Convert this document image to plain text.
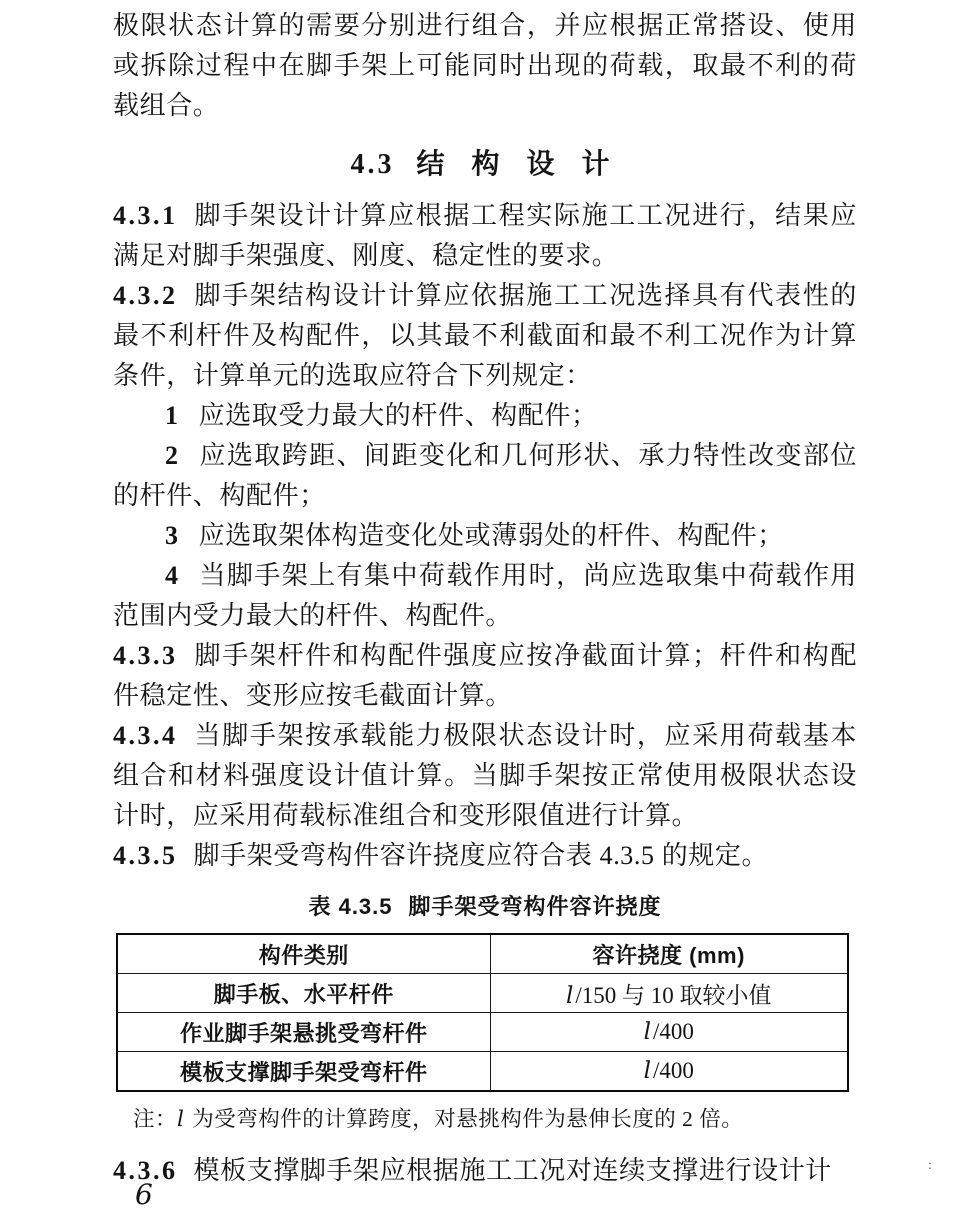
极限状态计算的需要分别进行组合，并应根据正常搭设、使用或拆除过程中在脚手架上可能同时出现的荷载，取最不利的荷载组合。

4.3 结 构 设 计

4.3.1 脚手架设计计算应根据工程实际施工工况进行，结果应满足对脚手架强度、刚度、稳定性的要求。

4.3.2 脚手架结构设计计算应依据施工工况选择具有代表性的最不利杆件及构配件，以其最不利截面和最不利工况作为计算条件，计算单元的选取应符合下列规定：

1 应选取受力最大的杆件、构配件；

2 应选取跨距、间距变化和几何形状、承力特性改变部位的杆件、构配件；

3 应选取架体构造变化处或薄弱处的杆件、构配件；

4 当脚手架上有集中荷载作用时，尚应选取集中荷载作用范围内受力最大的杆件、构配件。

4.3.3 脚手架杆件和构配件强度应按净截面计算；杆件和构配件稳定性、变形应按毛截面计算。

4.3.4 当脚手架按承载能力极限状态设计时，应采用荷载基本组合和材料强度设计值计算。当脚手架按正常使用极限状态设计时，应采用荷载标准组合和变形限值进行计算。

4.3.5 脚手架受弯构件容许挠度应符合表 4.3.5 的规定。

表 4.3.5 脚手架受弯构件容许挠度
构件类别	容许挠度 (mm)
脚手板、水平杆件	l/150 与 10 取较小值
作业脚手架悬挑受弯杆件	l/400
模板支撑脚手架受弯杆件	l/400

注：l 为受弯构件的计算跨度，对悬挑构件为悬伸长度的 2 倍。

4.3.6 模板支撑脚手架应根据施工工况对连续支撑进行设计计

6
:
